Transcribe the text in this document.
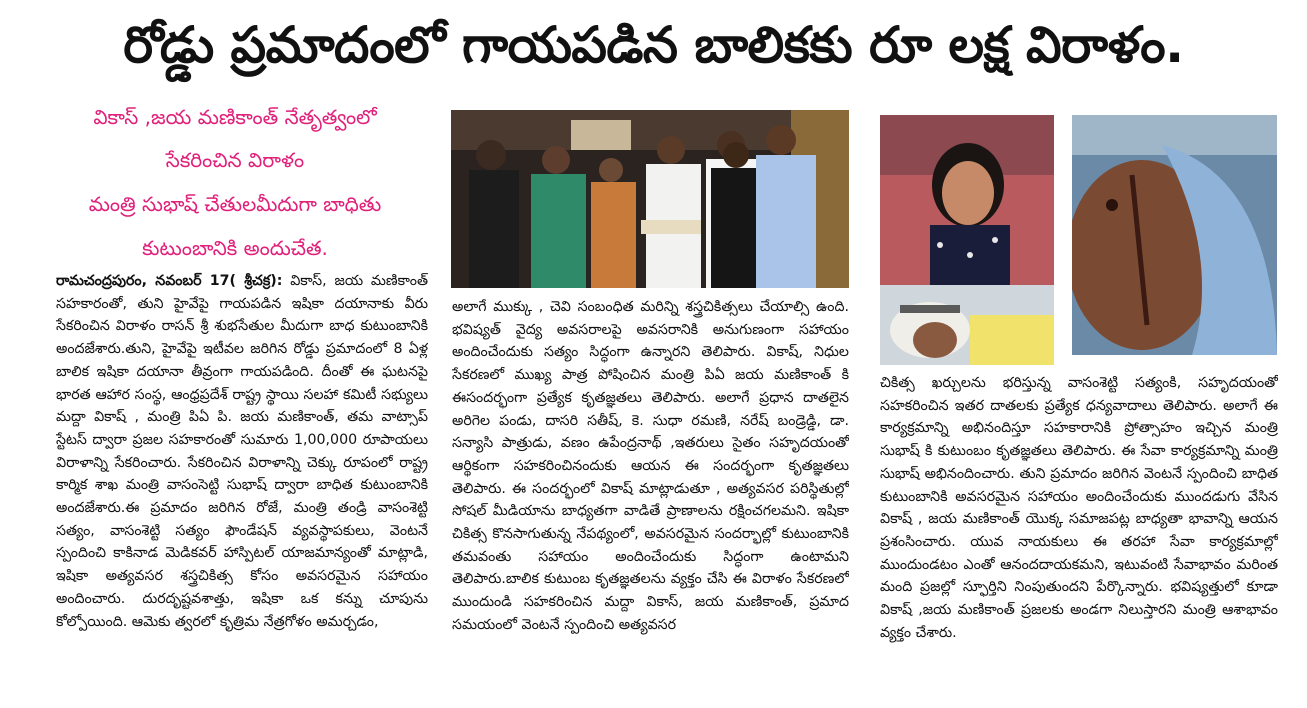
రోడ్డు ప్రమాదంలో గాయపడిన బాలికకు రూ లక్ష విరాళం.
వికాస్ ,జయ మణికాంత్ నేతృత్వంలో
సేకరించిన విరాళం
మంత్రి సుభాష్ చేతులమీదుగా బాధితు
కుటుంబానికి అందుచేత.

రామచంద్రపురం, నవంబర్ 17( శ్రీచక్ర): వికాస్, జయ మణికాంత్ సహకారంతో, తుని హైవేపై గాయపడిన ఇషికా దయానాకు వీరు సేకరించిన విరాళం రాసన్ శ్రీ శుభసేతుల మీదుగా బాధ కుటుంబానికి అందజేశారు.తుని, హైవేపై ఇటీవల జరిగిన రోడ్డు ప్రమాదంలో 8 ఏళ్ల బాలిక ఇషికా దయానా తీవ్రంగా గాయపడింది. దీంతో ఈ ఘటనపై భారత ఆహార సంస్థ, ఆంధ్రప్రదేశ్ రాష్ట్ర స్థాయి సలహా కమిటీ సభ్యులు మద్దా వికాష్ , మంత్రి పిఏ పి. జయ మణికాంత్, తమ వాట్సాప్ స్టేటస్ ద్వారా ప్రజల సహకారంతో సుమారు 1,00,000 రూపాయలు విరాళాన్ని సేకరించారు. సేకరించిన విరాళాన్ని చెక్కు రూపంలో రాష్ట్ర కార్మిక శాఖ మంత్రి వాసంసెట్టి సుభాష్ ద్వారా బాధిత కుటుంబానికి అందజేశారు.ఈ ప్రమాదం జరిగిన రోజే, మంత్రి తండ్రి వాసంశెట్టి సత్యం, వాసంశెట్టి సత్యం ఫౌండేషన్ వ్యవస్థాపకులు, వెంటనే స్పందించి కాకినాడ మెడికవర్ హాస్పిటల్ యాజమాన్యంతో మాట్లాడి, ఇషికా అత్యవసర శస్త్రచికిత్స కోసం అవసరమైన సహాయం అందించారు. దురదృష్టవశాత్తు, ఇషికా ఒక కన్ను చూపును కోల్పోయింది. ఆమెకు త్వరలో కృత్రిమ నేత్రగోళం అమర్చడం,

అలాగే ముక్కు , చెవి సంబంధిత మరిన్ని శస్త్రచికిత్సలు చేయాల్సి ఉంది. భవిష్యత్ వైద్య అవసరాలపై అవసరానికి అనుగుణంగా సహాయం అందించేందుకు సత్యం సిద్ధంగా ఉన్నారని తెలిపారు. వికాష్, నిధుల సేకరణలో ముఖ్య పాత్ర పోషించిన మంత్రి పిఏ జయ మణికాంత్ కి ఈసందర్భంగా ప్రత్యేక కృతజ్ఞతలు తెలిపారు. అలాగే ప్రధాన దాతలైన అరిగెల పండు, దాసరి సతీష్, కె. సుధా రమణి, నరేష్ బండ్రెడ్డి, డా. సన్యాసి పాత్రుడు, వణం ఉపేంద్రనాథ్ ,ఇతరులు సైతం సహృదయంతో ఆర్థికంగా సహకరించినందుకు ఆయన ఈ సందర్భంగా కృతజ్ఞతలు తెలిపారు. ఈ సందర్భంలో వికాష్ మాట్లాడుతూ , అత్యవసర పరిస్థితుల్లో సోషల్ మీడియాను బాధ్యతగా వాడితే ప్రాణాలను రక్షించగలమని. ఇషికా చికిత్స కొనసాగుతున్న నేపథ్యంలో, అవసరమైన సందర్భాల్లో కుటుంబానికి తమవంతు సహాయం అందించేందుకు సిద్ధంగా ఉంటామని తెలిపారు.బాలిక కుటుంబ కృతజ్ఞతలను వ్యక్తం చేసి ఈ విరాళం సేకరణలో ముందుండి సహకరించిన మద్దా వికాస్, జయ మణికాంత్, ప్రమాద సమయంలో వెంటనే స్పందించి అత్యవసర

చికిత్స ఖర్చులను భరిస్తున్న వాసంశెట్టి సత్యంకి, సహృదయంతో సహకరించిన ఇతర దాతలకు ప్రత్యేక ధన్యవాదాలు తెలిపారు. అలాగే ఈ కార్యక్రమాన్ని అభినందిస్తూ సహకారానికి ప్రోత్సాహం ఇచ్చిన మంత్రి సుభాష్ కి కుటుంబం కృతజ్ఞతలు తెలిపారు. ఈ సేవా కార్యక్రమాన్ని మంత్రి సుభాష్ అభినందించారు. తుని ప్రమాదం జరిగిన వెంటనే స్పందించి బాధిత కుటుంబానికి అవసరమైన సహాయం అందించేందుకు ముందడుగు వేసిన వికాష్ , జయ మణికాంత్ యొక్క సమాజపట్ల బాధ్యతా భావాన్ని ఆయన ప్రశంసించారు. యువ నాయకులు ఈ తరహా సేవా కార్యక్రమాల్లో ముందుండటం ఎంతో ఆనందదాయకమని, ఇటువంటి సేవాభావం మరింత మంది ప్రజల్లో స్ఫూర్తిని నింపుతుందని పేర్కొన్నారు. భవిష్యత్తులో కూడా వికాష్ ,జయ మణికాంత్ ప్రజలకు అండగా నిలుస్తారని మంత్రి ఆశాభావం వ్యక్తం చేశారు.
